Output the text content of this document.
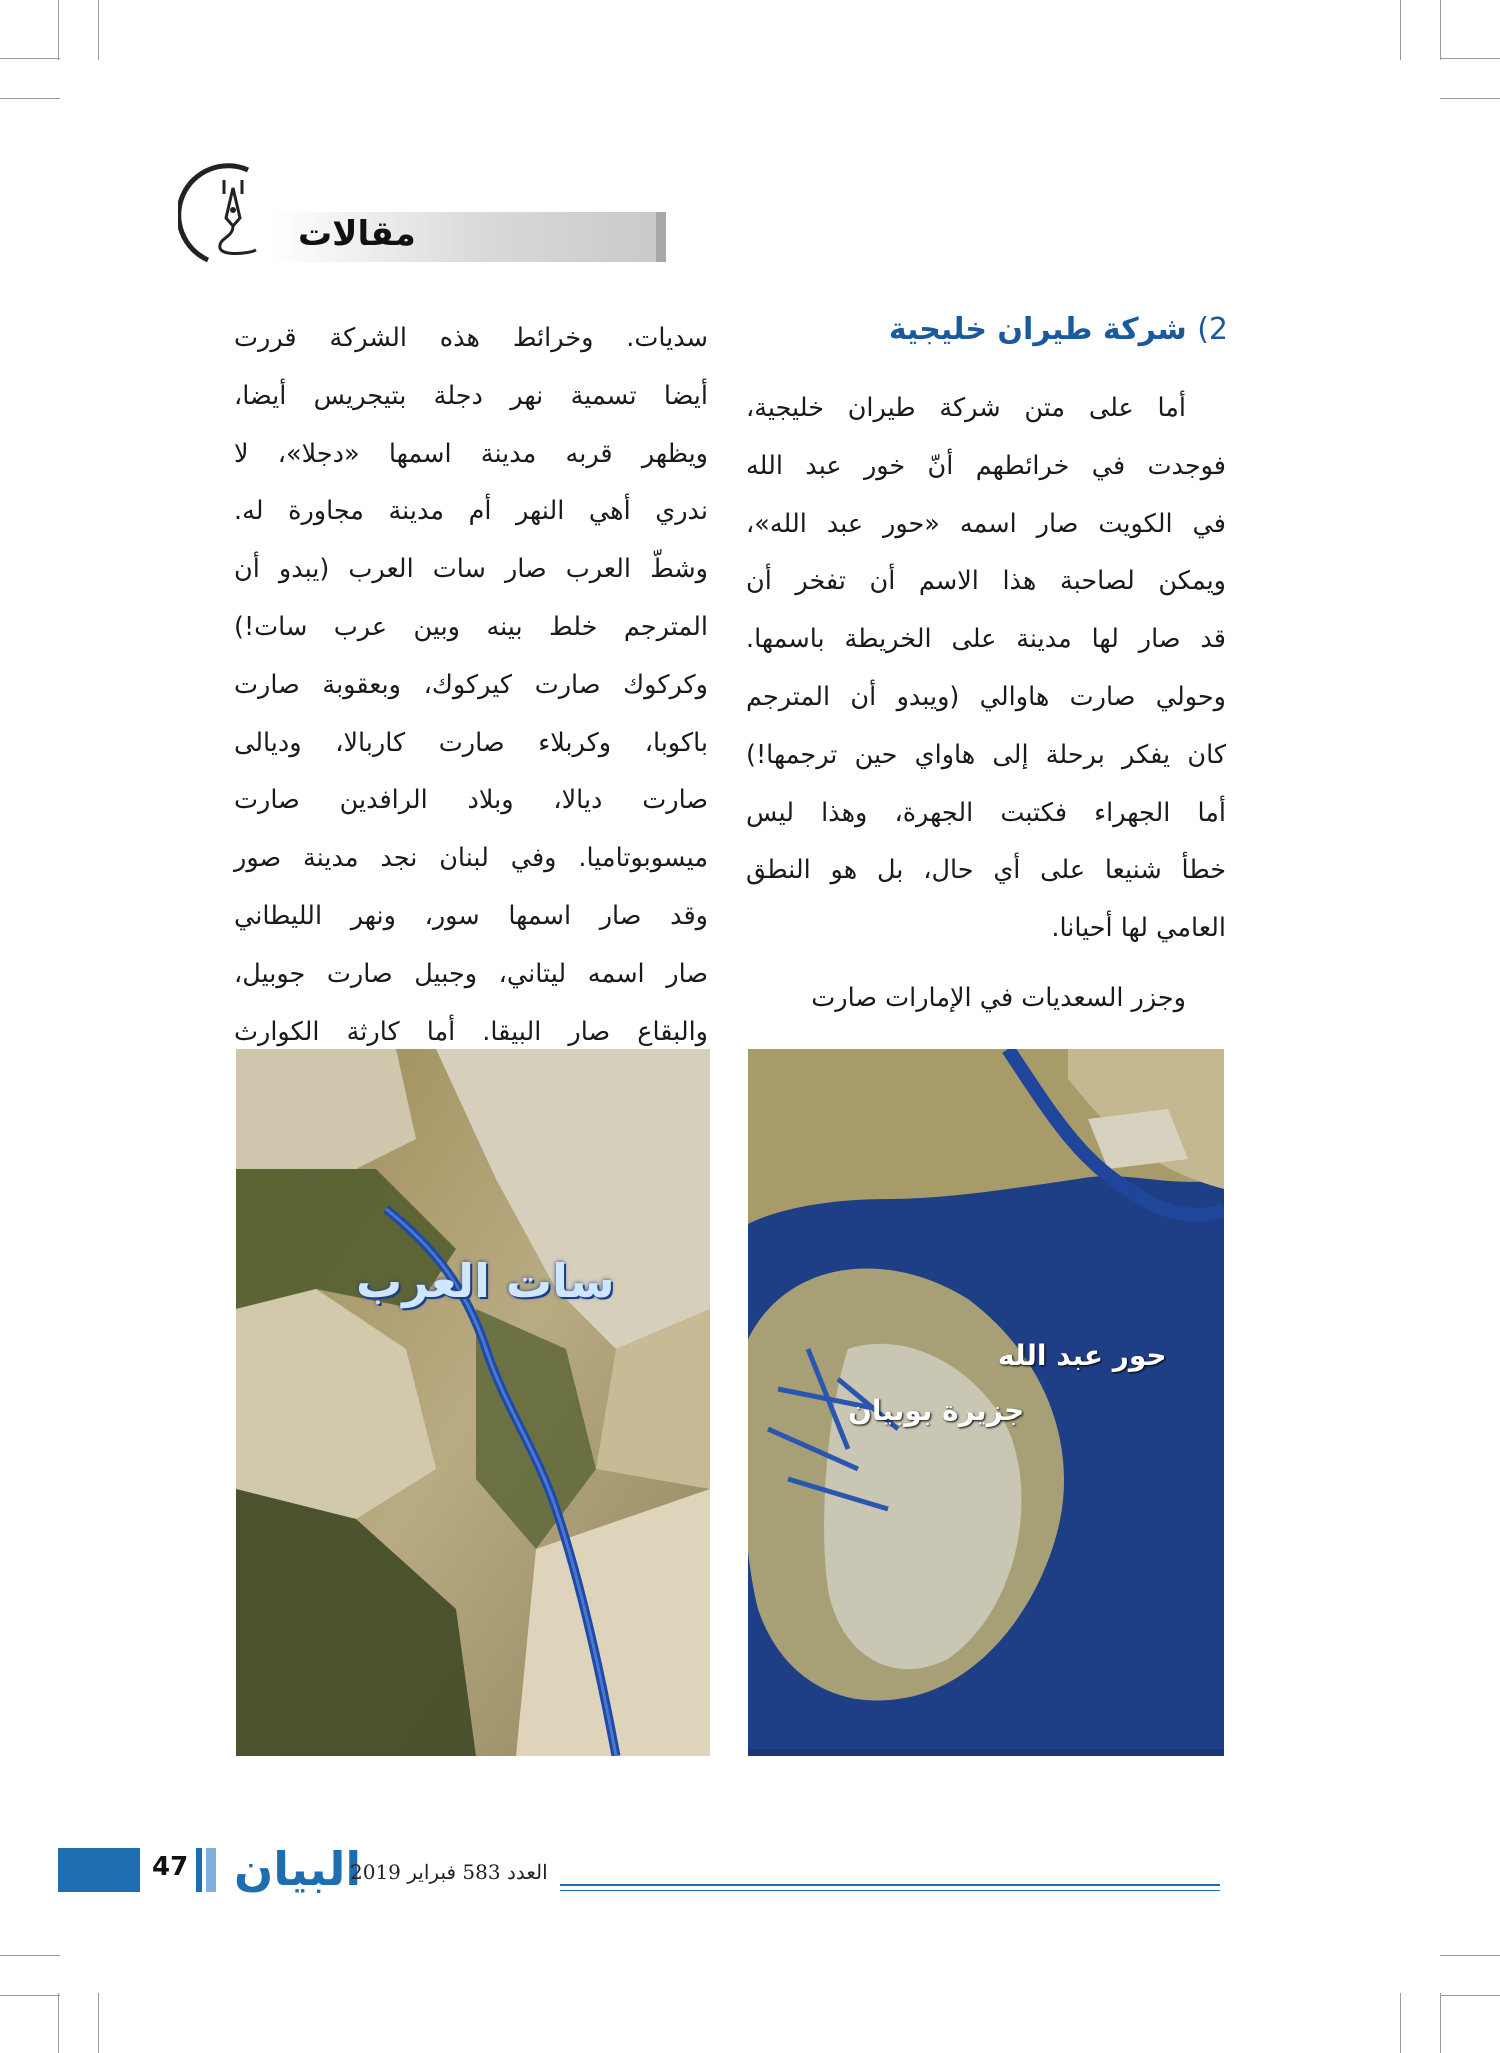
مقالات
2) شركة طيران خليجية
أما على متن شركة طيران خليجية،
فوجدت في خرائطهم أنّ خور عبد الله
في الكويت صار اسمه «حور عبد الله»،
ويمكن لصاحبة هذا الاسم أن تفخر أن
قد صار لها مدينة على الخريطة باسمها.
وحولي صارت هاوالي (ويبدو أن المترجم
كان يفكر برحلة إلى هاواي حين ترجمها!)
أما الجهراء فكتبت الجهرة، وهذا ليس
خطأ شنيعا على أي حال، بل هو النطق
العامي لها أحيانا.
وجزر السعديات في الإمارات صارت
سديات. وخرائط هذه الشركة قررت
أيضا تسمية نهر دجلة بتيجريس أيضا،
ويظهر قربه مدينة اسمها «دجلا»، لا
ندري أهي النهر أم مدينة مجاورة له.
وشطّ العرب صار سات العرب (يبدو أن
المترجم خلط بينه وبين عرب سات!)
وكركوك صارت كيركوك، وبعقوبة صارت
باكوبا، وكربلاء صارت كاربالا، وديالى
صارت ديالا، وبلاد الرافدين صارت
ميسوبوتاميا. وفي لبنان نجد مدينة صور
وقد صار اسمها سور، ونهر الليطاني
صار اسمه ليتاني، وجبيل صارت جوبيل،
والبقاع صار البيقا. أما كارثة الكوارث
سات العرب
حور عبد الله
جزيرة بوبيان
47 البيان
العدد 583 فبراير 2019
